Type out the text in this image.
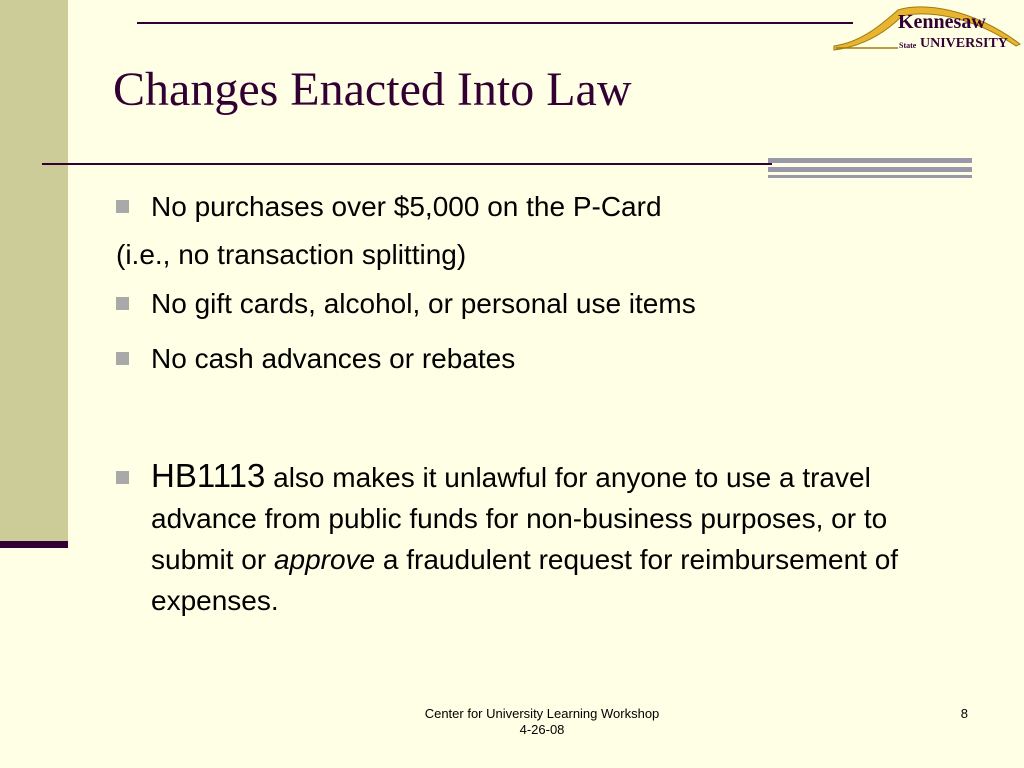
Kennesaw
State UNIVERSITY
Changes Enacted Into Law
No purchases over $5,000 on the P-Card
(i.e., no transaction splitting)
No gift cards, alcohol, or personal use items
No cash advances or rebates
HB1113 also makes it unlawful for anyone to use a travel advance from public funds for non-business purposes, or to submit or approve a fraudulent request for reimbursement of expenses.
Center for University Learning Workshop
4-26-08
8
